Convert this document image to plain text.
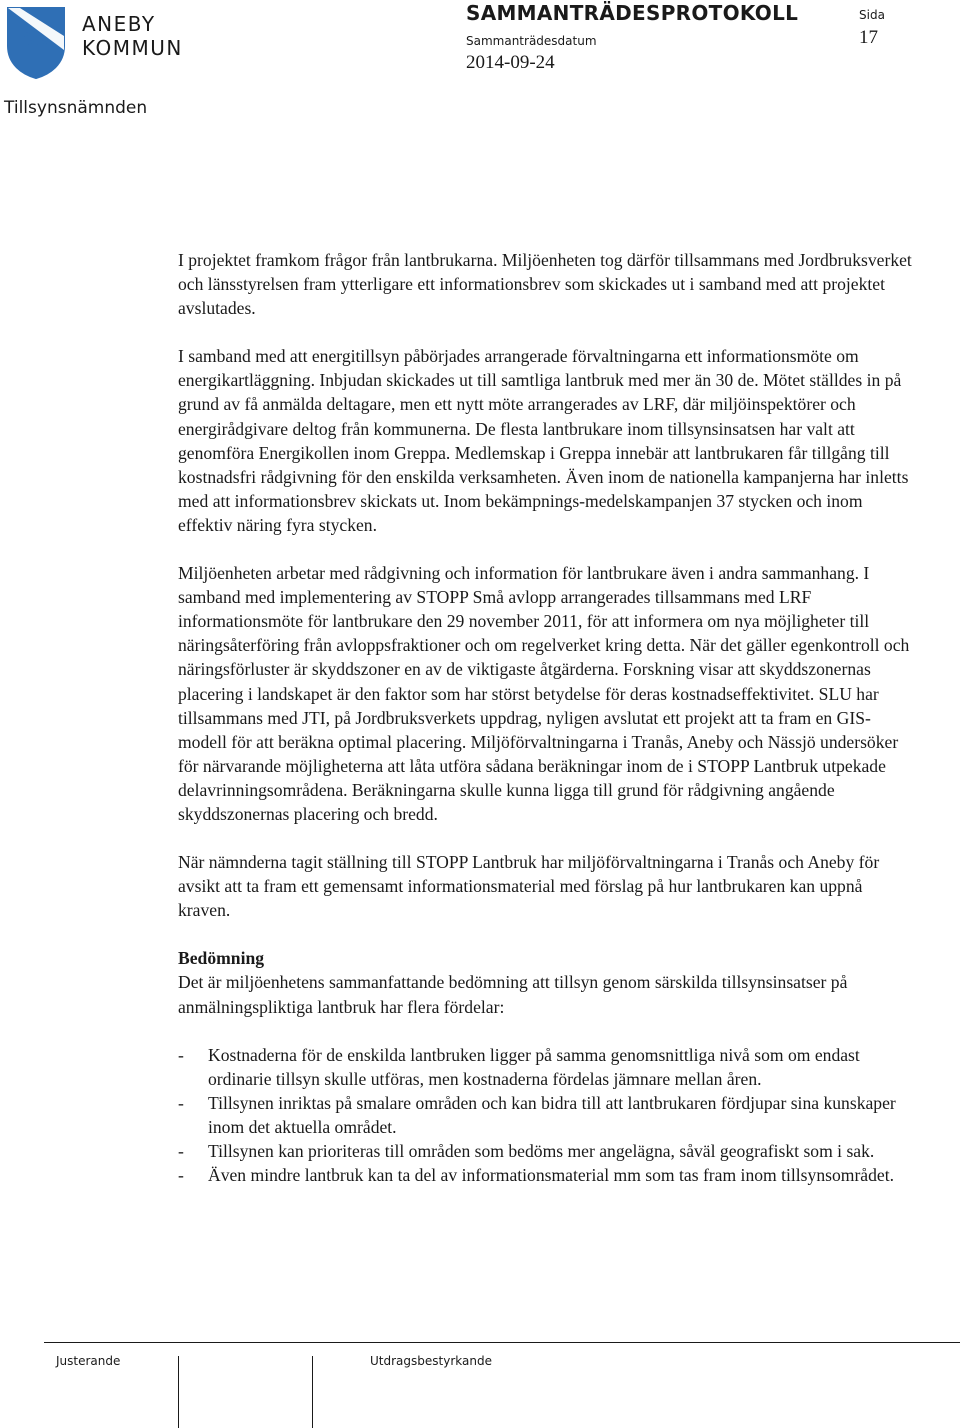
ANEBY
KOMMUN
Tillsynsnämnden
SAMMANTRÄDESPROTOKOLL
Sammanträdesdatum
2014-09-24
Sida
17

I projektet framkom frågor från lantbrukarna. Miljöenheten tog därför tillsammans med Jordbruksverket och länsstyrelsen fram ytterligare ett informationsbrev som skickades ut i samband med att projektet avslutades.

I samband med att energitillsyn påbörjades arrangerade förvaltningarna ett informationsmöte om energikartläggning. Inbjudan skickades ut till samtliga lantbruk med mer än 30 de. Mötet ställdes in på grund av få anmälda deltagare, men ett nytt möte arrangerades av LRF, där miljöinspektörer och energirådgivare deltog från kommunerna. De flesta lantbrukare inom tillsynsinsatsen har valt att genomföra Energikollen inom Greppa. Medlemskap i Greppa innebär att lantbrukaren får tillgång till kostnadsfri rådgivning för den enskilda verksamheten. Även inom de nationella kampanjerna har inletts med att informationsbrev skickats ut. Inom bekämpnings-medelskampanjen 37 stycken och inom effektiv näring fyra stycken.

Miljöenheten arbetar med rådgivning och information för lantbrukare även i andra sammanhang. I samband med implementering av STOPP Små avlopp arrangerades tillsammans med LRF informationsmöte för lantbrukare den 29 november 2011, för att informera om nya möjligheter till näringsåterföring från avloppsfraktioner och om regelverket kring detta. När det gäller egenkontroll och näringsförluster är skyddszoner en av de viktigaste åtgärderna. Forskning visar att skyddszonernas placering i landskapet är den faktor som har störst betydelse för deras kostnadseffektivitet. SLU har tillsammans med JTI, på Jordbruksverkets uppdrag, nyligen avslutat ett projekt att ta fram en GIS-modell för att beräkna optimal placering. Miljöförvaltningarna i Tranås, Aneby och Nässjö undersöker för närvarande möjligheterna att låta utföra sådana beräkningar inom de i STOPP Lantbruk utpekade delavrinningsområdena. Beräkningarna skulle kunna ligga till grund för rådgivning angående skyddszonernas placering och bredd.

När nämnderna tagit ställning till STOPP Lantbruk har miljöförvaltningarna i Tranås och Aneby för avsikt att ta fram ett gemensamt informationsmaterial med förslag på hur lantbrukaren kan uppnå kraven.

Bedömning

Det är miljöenhetens sammanfattande bedömning att tillsyn genom särskilda tillsynsinsatser på anmälningspliktiga lantbruk har flera fördelar:

- Kostnaderna för de enskilda lantbruken ligger på samma genomsnittliga nivå som om endast ordinarie tillsyn skulle utföras, men kostnaderna fördelas jämnare mellan åren.
- Tillsynen inriktas på smalare områden och kan bidra till att lantbrukaren fördjupar sina kunskaper inom det aktuella området.
- Tillsynen kan prioriteras till områden som bedöms mer angelägna, såväl geografiskt som i sak.
- Även mindre lantbruk kan ta del av informationsmaterial mm som tas fram inom tillsynsområdet.
Justerande	Utdragsbestyrkande
